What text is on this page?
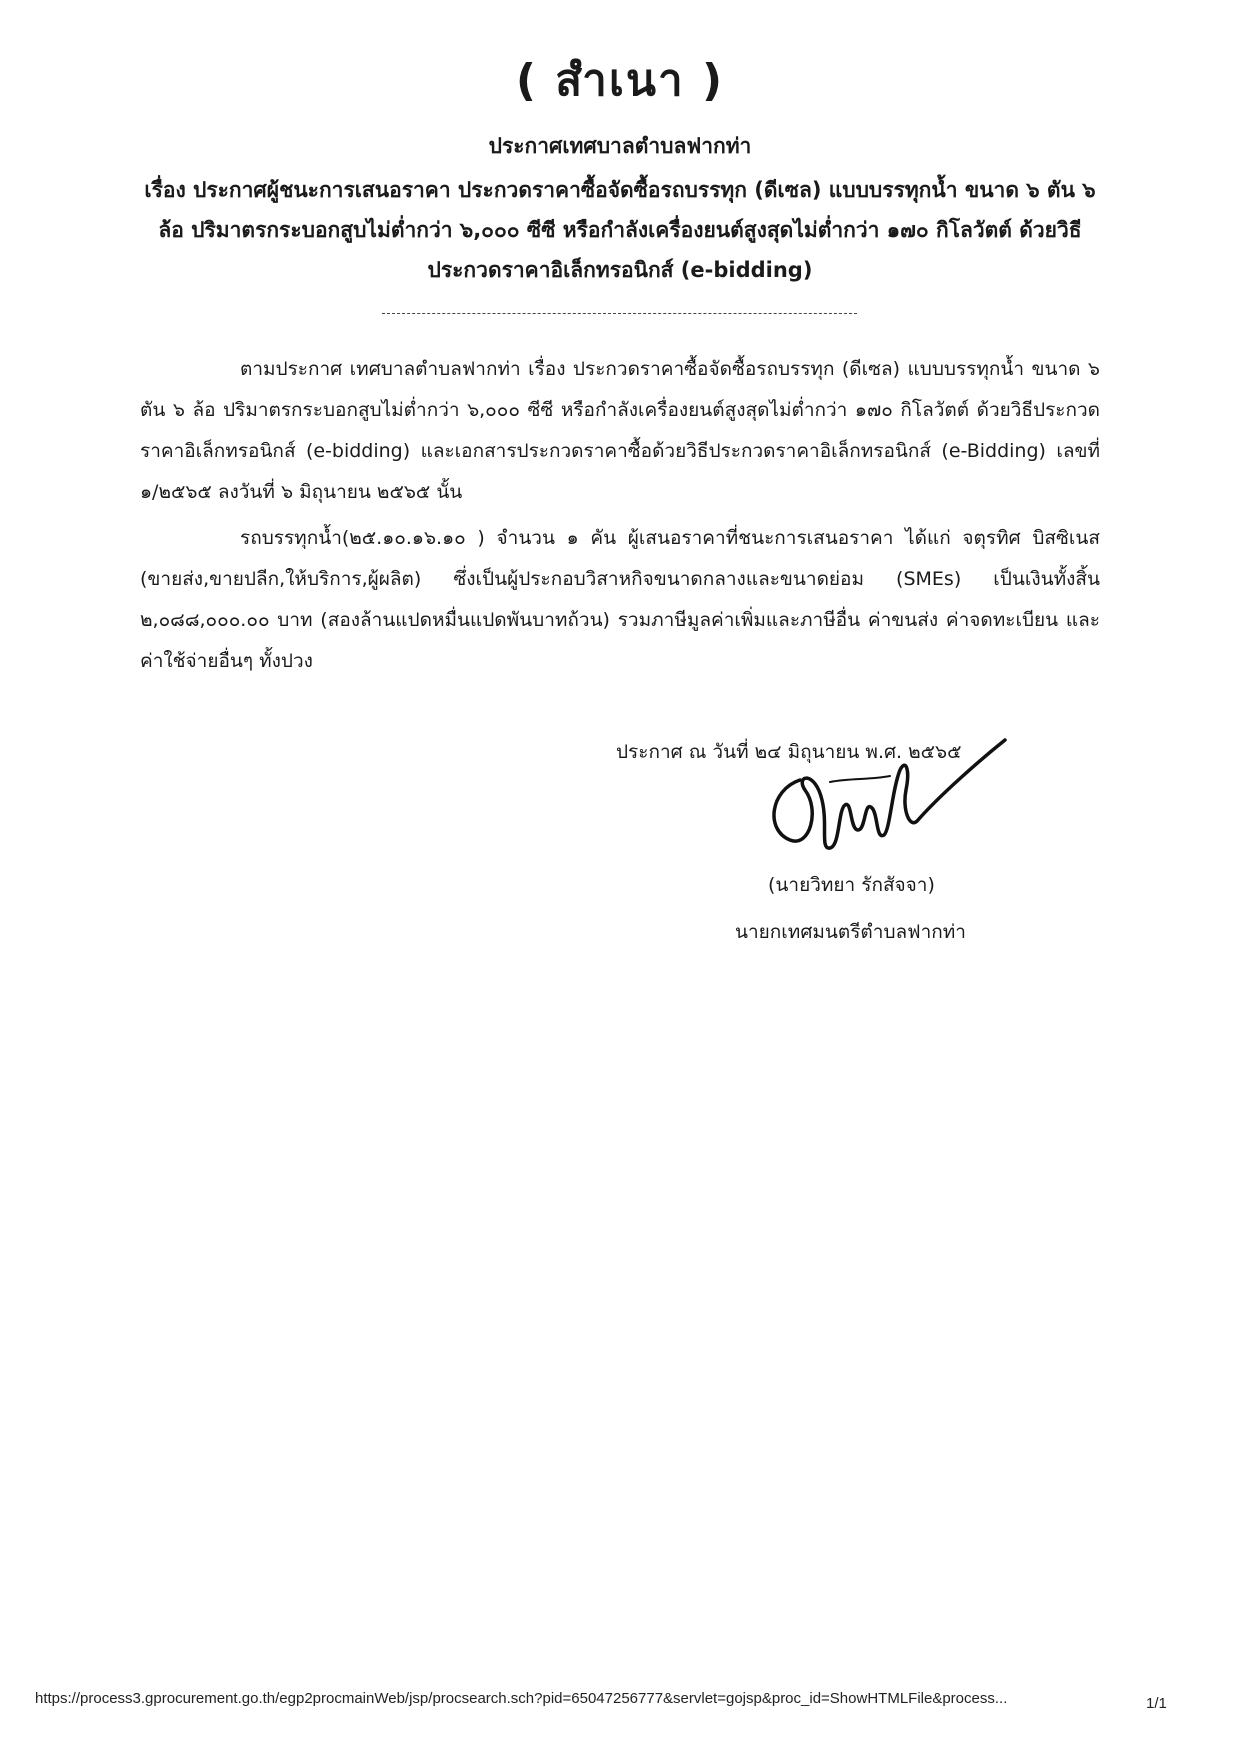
( สำเนา )
ประกาศเทศบาลตำบลฟากท่า
เรื่อง ประกาศผู้ชนะการเสนอราคา ประกวดราคาซื้อจัดซื้อรถบรรทุก (ดีเซล) แบบบรรทุกน้ำ ขนาด ๖ ตัน ๖ ล้อ ปริมาตรกระบอกสูบไม่ต่ำกว่า ๖,๐๐๐ ซีซี หรือกำลังเครื่องยนต์สูงสุดไม่ต่ำกว่า ๑๗๐ กิโลวัตต์ ด้วยวิธีประกวดราคาอิเล็กทรอนิกส์ (e-bidding)
ตามประกาศ เทศบาลตำบลฟากท่า เรื่อง ประกวดราคาซื้อจัดซื้อรถบรรทุก (ดีเซล) แบบบรรทุกน้ำ ขนาด ๖ ตัน ๖ ล้อ ปริมาตรกระบอกสูบไม่ต่ำกว่า ๖,๐๐๐ ซีซี หรือกำลังเครื่องยนต์สูงสุดไม่ต่ำกว่า ๑๗๐ กิโลวัตต์ ด้วยวิธีประกวดราคาอิเล็กทรอนิกส์ (e-bidding) และเอกสารประกวดราคาซื้อด้วยวิธีประกวดราคาอิเล็กทรอนิกส์ (e-Bidding) เลขที่ ๑/๒๕๖๕ ลงวันที่ ๖ มิถุนายน ๒๕๖๕ นั้น
รถบรรทุกน้ำ(๒๕.๑๐.๑๖.๑๐ ) จำนวน ๑ คัน ผู้เสนอราคาที่ชนะการเสนอราคา ได้แก่ จตุรทิศ บิสซิเนส (ขายส่ง,ขายปลีก,ให้บริการ,ผู้ผลิต) ซึ่งเป็นผู้ประกอบวิสาหกิจขนาดกลางและขนาดย่อม (SMEs) เป็นเงินทั้งสิ้น ๒,๐๘๘,๐๐๐.๐๐ บาท (สองล้านแปดหมื่นแปดพันบาทถ้วน) รวมภาษีมูลค่าเพิ่มและภาษีอื่น ค่าขนส่ง ค่าจดทะเบียน และค่าใช้จ่ายอื่นๆ ทั้งปวง
ประกาศ ณ วันที่ ๒๔ มิถุนายน พ.ศ. ๒๕๖๕
(นายวิทยา รักสัจจา)
นายกเทศมนตรีตำบลฟากท่า
https://process3.gprocurement.go.th/egp2procmainWeb/jsp/procsearch.sch?pid=65047256777&servlet=gojsp&proc_id=ShowHTMLFile&process...	1/1
